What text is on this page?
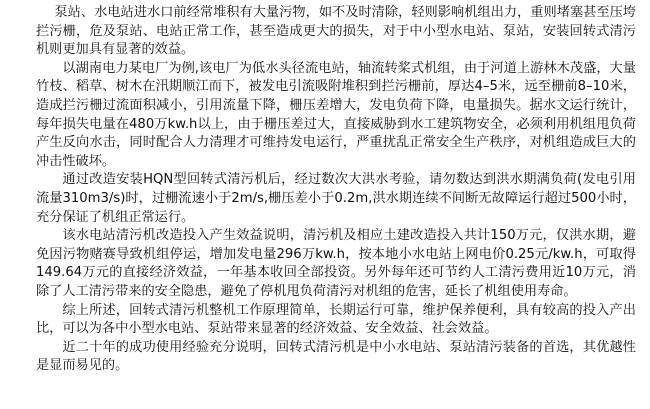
泵站、水电站进水口前经常堆积有大量污物，如不及时清除，轻则影响机组出力，重则堵塞甚至压垮拦污栅，危及泵站、电站正常工作，甚至造成更大的损失，对于中小型水电站、泵站，安装回转式清污机则更加具有显著的效益。

以湖南电力某电厂为例,该电厂为低水头径流电站，轴流转桨式机组，由于河道上游林木茂盛，大量竹枝、稻草、树木在汛期顺江而下，被发电引流吸附堆积到拦污栅前，厚达4–5米，远至栅前8–10米，造成拦污栅过流面积减小，引用流量下降，栅压差增大，发电负荷下降，电量损失。据水文运行统计，每年损失电量在480万kw.h以上，由于栅压差过大，直接威胁到水工建筑物安全，必须利用机组甩负荷产生反向水击，同时配合人力清理才可维持发电运行，严重扰乱正常安全生产秩序，对机组造成巨大的冲击性破坏。

通过改造安装HQN型回转式清污机后，经过数次大洪水考验，请勿数达到洪水期满负荷(发电引用流量310m3/s)时，过栅流速小于2m/s,栅压差小于0.2m,洪水期连续不间断无故障运行超过500小时，充分保证了机组正常运行。

该水电站清污机改造投入产生效益说明，清污机及相应土建改造投入共计150万元，仅洪水期，避免因污物赌赛导致机组停运，增加发电量296万kw.h，按本地小水电站上网电价0.25元/kw.h，可取得149.64万元的直接经济效益，一年基本收回全部投资。另外每年还可节约人工清污费用近10万元，消除了人工清污带来的安全隐患，避免了停机甩负荷清污对机组的危害，延长了机组使用寿命。

综上所述，回转式清污机整机工作原理简单，长期运行可靠，维护保养便利，具有较高的投入产出比，可以为各中小型水电站、泵站带来显著的经济效益、安全效益、社会效益。

近二十年的成功使用经验充分说明，回转式清污机是中小水电站、泵站清污装备的首选，其优越性是显而易见的。
